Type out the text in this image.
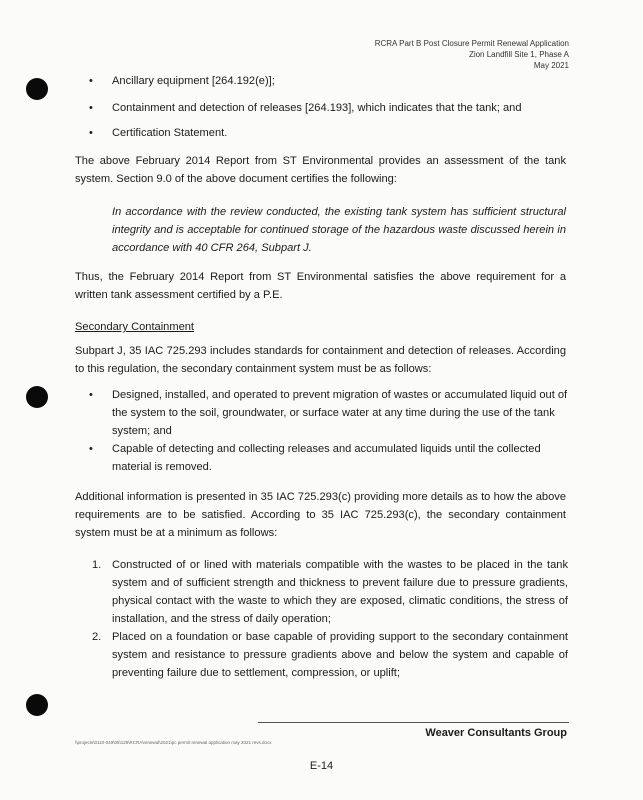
RCRA Part B Post Closure Permit Renewal Application
Zion Landfill Site 1, Phase A
May 2021
• Ancillary equipment [264.192(e)];
• Containment and detection of releases [264.193], which indicates that the tank; and
• Certification Statement.
The above February 2014 Report from ST Environmental provides an assessment of the tank system. Section 9.0 of the above document certifies the following:
In accordance with the review conducted, the existing tank system has sufficient structural integrity and is acceptable for continued storage of the hazardous waste discussed herein in accordance with 40 CFR 264, Subpart J.
Thus, the February 2014 Report from ST Environmental satisfies the above requirement for a written tank assessment certified by a P.E.
Secondary Containment
Subpart J, 35 IAC 725.293 includes standards for containment and detection of releases. According to this regulation, the secondary containment system must be as follows:
• Designed, installed, and operated to prevent migration of wastes or accumulated liquid out of the system to the soil, groundwater, or surface water at any time during the use of the tank system; and
• Capable of detecting and collecting releases and accumulated liquids until the collected material is removed.
Additional information is presented in 35 IAC 725.293(c) providing more details as to how the above requirements are to be satisfied. According to 35 IAC 725.293(c), the secondary containment system must be at a minimum as follows:
1. Constructed of or lined with materials compatible with the wastes to be placed in the tank system and of sufficient strength and thickness to prevent failure due to pressure gradients, physical contact with the waste to which they are exposed, climatic conditions, the stress of installation, and the stress of daily operation;
2. Placed on a foundation or base capable of providing support to the secondary containment system and resistance to pressure gradients above and below the system and capable of preventing failure due to settlement, compression, or uplift;
Weaver Consultants Group
\\projects\0110-049\05\125\RCRA\renewal\2021\pc permit renewal application may 2021 revs.docx
E-14
